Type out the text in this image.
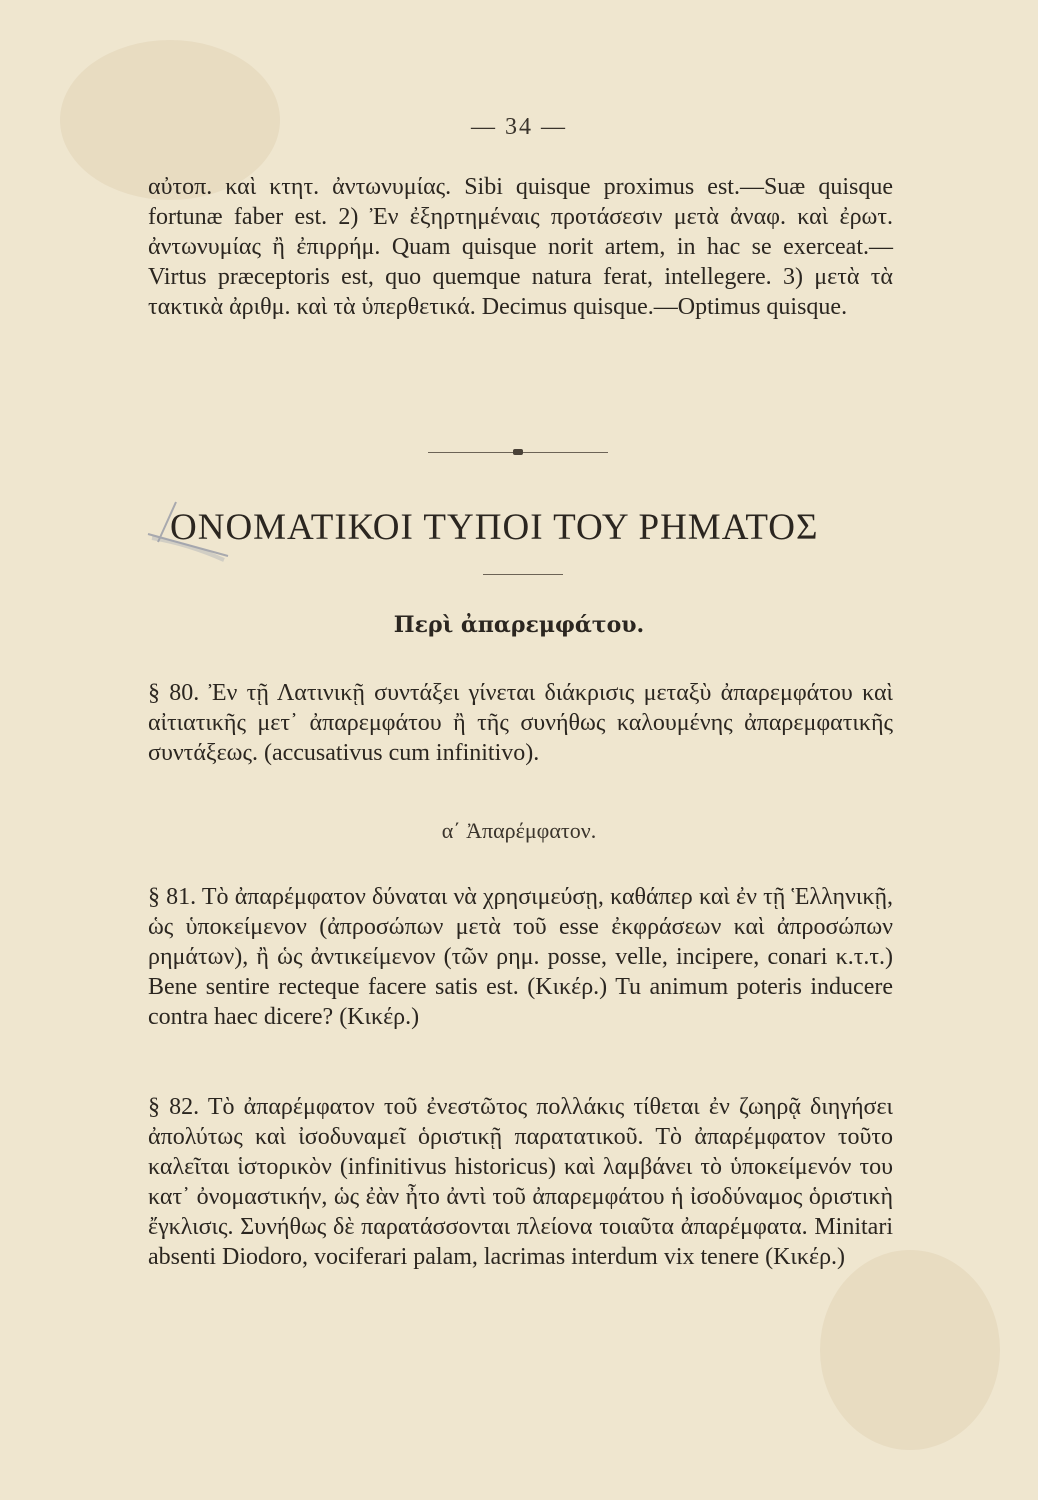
— 34 —
αὐτοπ. καὶ κτητ. ἀντωνυμίας. Sibi quisque proximus est.—Suæ quisque fortunæ faber est. 2) Ἐν ἐξηρτημέναις προτάσεσιν μετὰ ἀναφ. καὶ ἐρωτ. ἀντωνυμίας ἢ ἐπιρρήμ. Quam quisque norit artem, in hac se exerceat.—Virtus præceptoris est, quo quemque natura ferat, intellegere. 3) μετὰ τὰ τακτικὰ ἀριθμ. καὶ τὰ ὑπερθετικά. Decimus quisque.—Optimus quisque.
ΟΝΟΜΑΤΙΚΟΙ ΤΥΠΟΙ ΤΟΥ ΡΗΜΑΤΟΣ
Περὶ ἀπαρεμφάτου.
§ 80. Ἐν τῇ Λατινικῇ συντάξει γίνεται διάκρισις μεταξὺ ἀπαρεμφάτου καὶ αἰτιατικῆς μετ᾽ ἀπαρεμφάτου ἢ τῆς συνήθως καλουμένης ἀπαρεμφατικῆς συντάξεως. (accusativus cum infinitivo).
α΄ Ἀπαρέμφατον.
§ 81. Τὸ ἀπαρέμφατον δύναται νὰ χρησιμεύσῃ, καθάπερ καὶ ἐν τῇ Ἑλληνικῇ, ὡς ὑποκείμενον (ἀπροσώπων μετὰ τοῦ esse ἐκφράσεων καὶ ἀπροσώπων ρημάτων), ἢ ὡς ἀντικείμενον (τῶν ρημ. posse, velle, incipere, conari κ.τ.τ.) Bene sentire recteque facere satis est. (Κικέρ.) Tu animum poteris inducere contra haec dicere? (Κικέρ.)
§ 82. Τὸ ἀπαρέμφατον τοῦ ἐνεστῶτος πολλάκις τίθεται ἐν ζωηρᾷ διηγήσει ἀπολύτως καὶ ἰσοδυναμεῖ ὁριστικῇ παρατατικοῦ. Τὸ ἀπαρέμφατον τοῦτο καλεῖται ἱστορικὸν (infinitivus historicus) καὶ λαμβάνει τὸ ὑποκείμενόν του κατ᾽ ὀνομαστικήν, ὡς ἐὰν ἦτο ἀντὶ τοῦ ἀπαρεμφάτου ἡ ἰσοδύναμος ὁριστικὴ ἔγκλισις. Συνήθως δὲ παρατάσσονται πλείονα τοιαῦτα ἀπαρέμφατα. Minitari absenti Diodoro, vociferari palam, lacrimas interdum vix tenere (Κικέρ.)
